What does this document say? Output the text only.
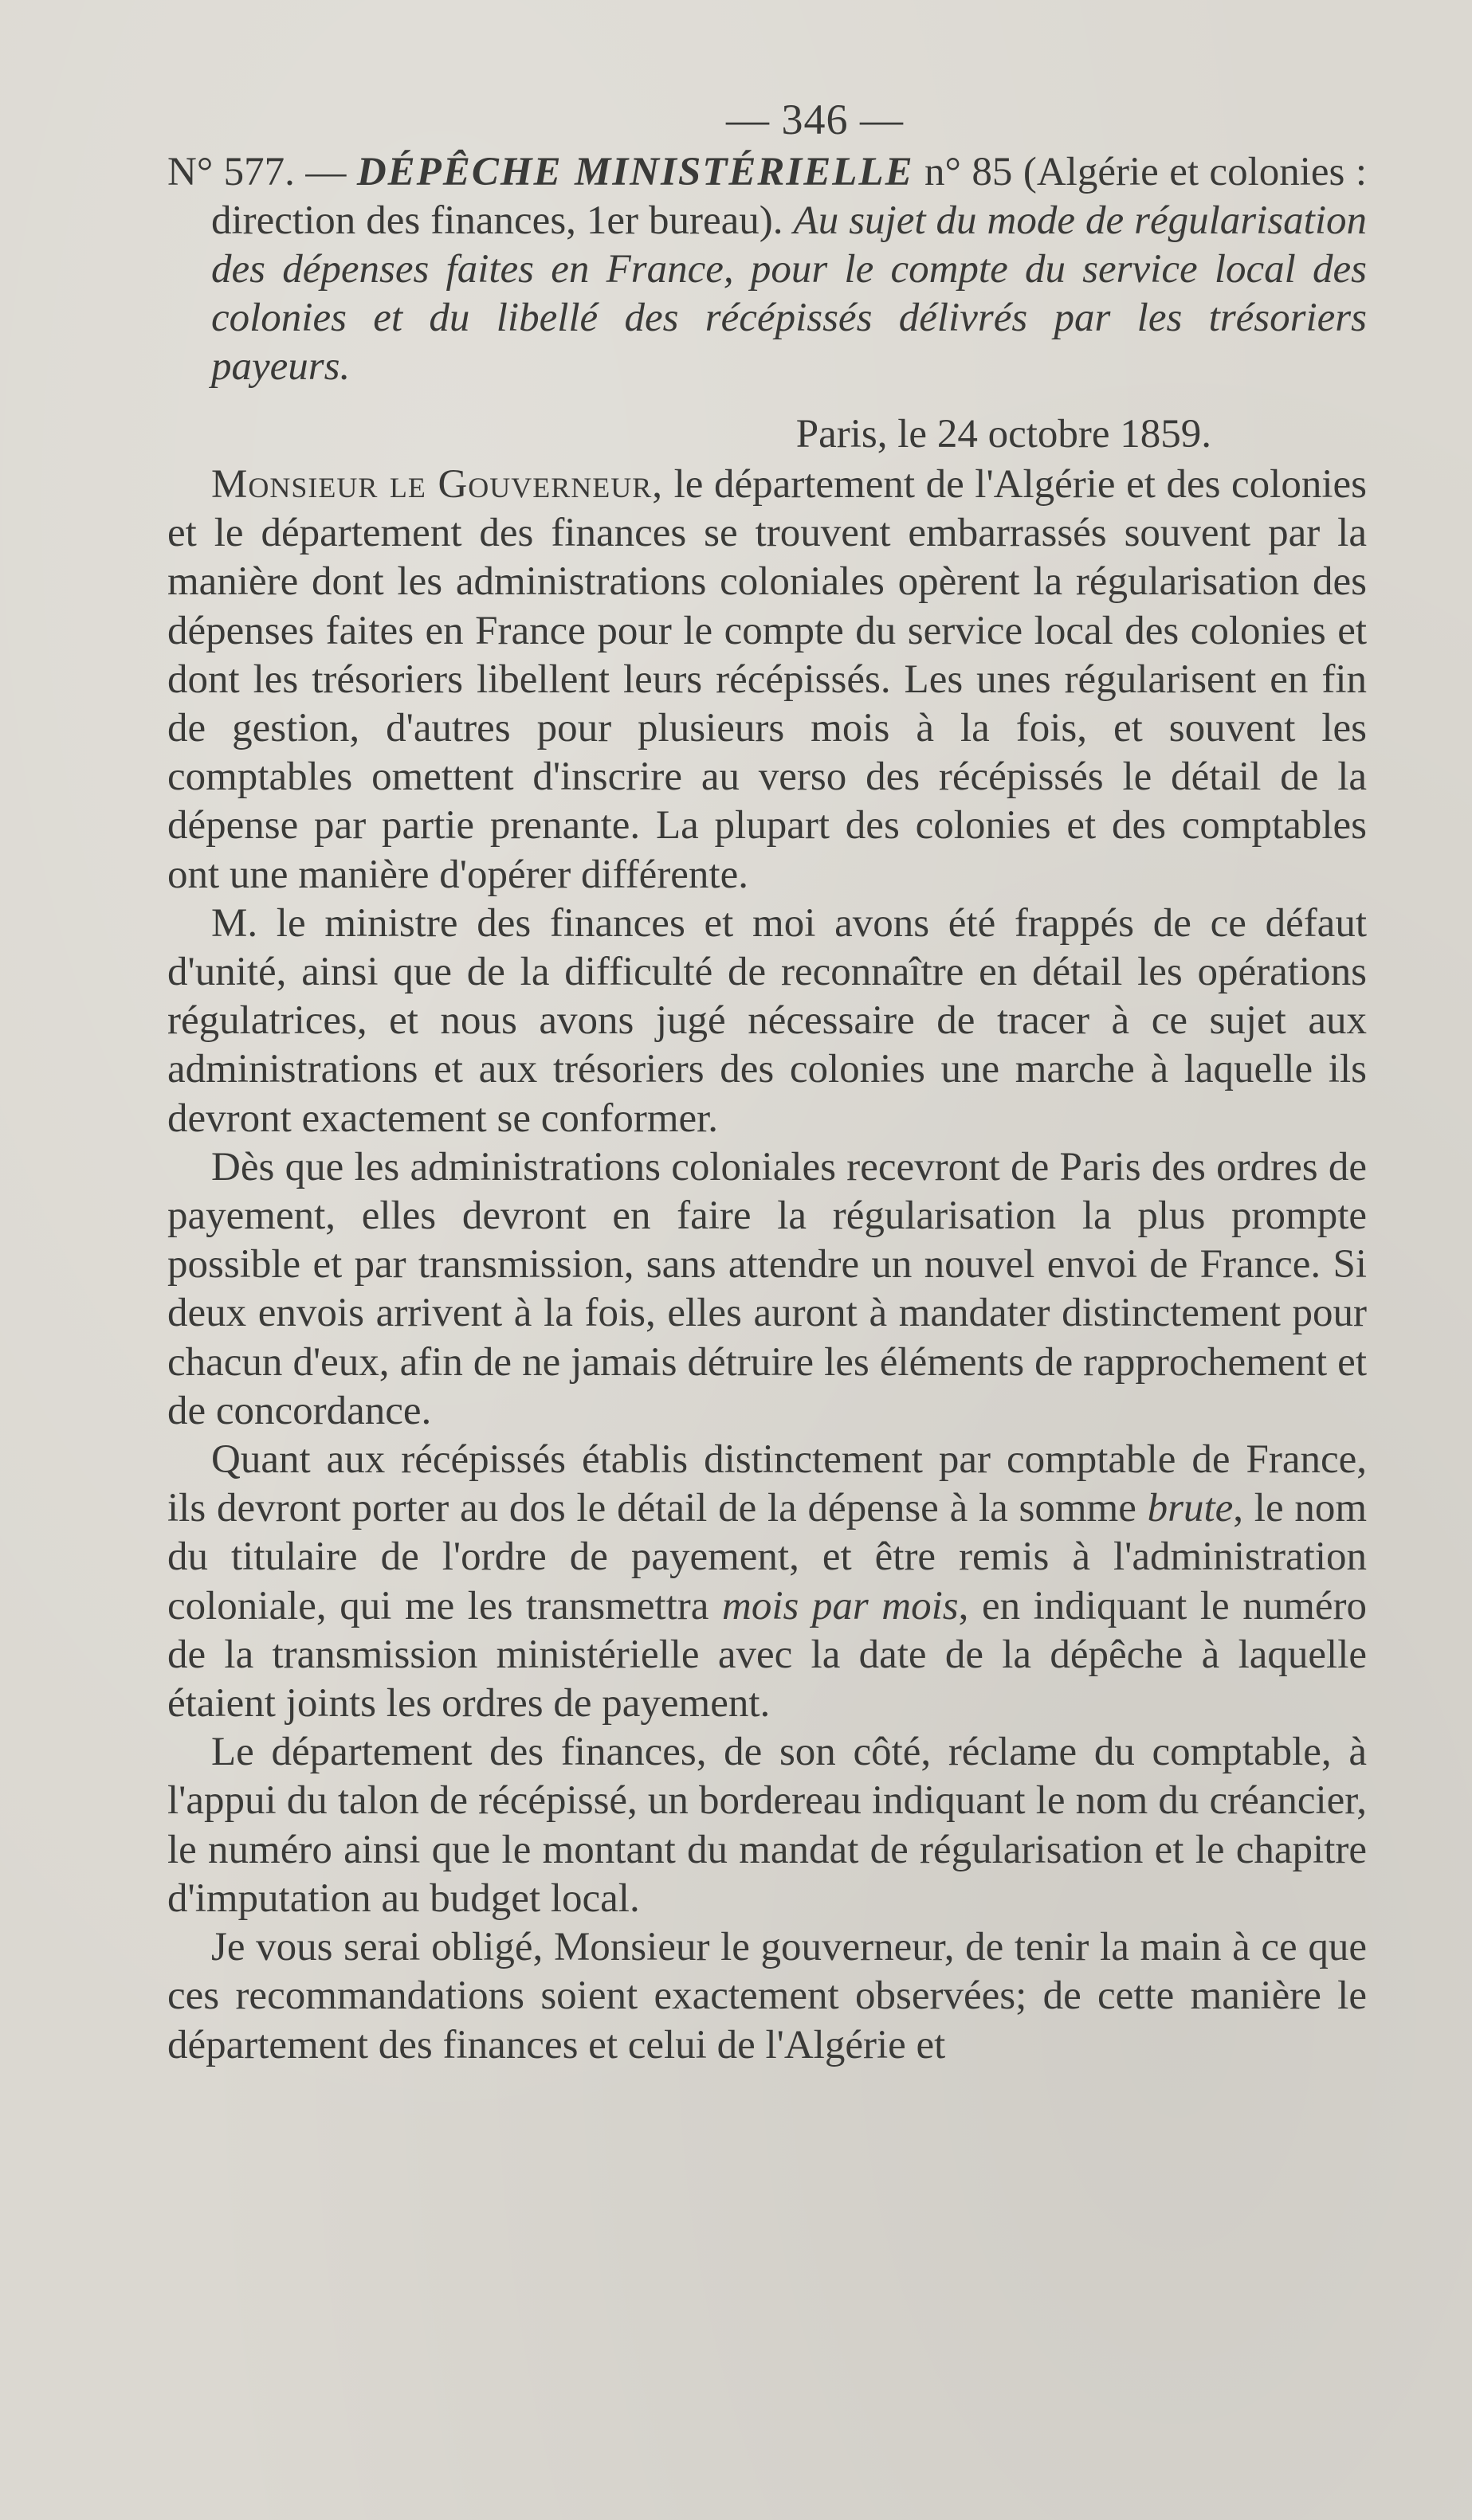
— 346 —
N° 577. — DÉPÊCHE MINISTÉRIELLE n° 85 (Algérie et colonies : direction des finances, 1er bureau). Au sujet du mode de régularisation des dépenses faites en France, pour le compte du service local des colonies et du libellé des récépissés délivrés par les trésoriers payeurs.
Paris, le 24 octobre 1859.

Monsieur le Gouverneur, le département de l'Algérie et des colonies et le département des finances se trouvent embarrassés souvent par la manière dont les administrations coloniales opèrent la régularisation des dépenses faites en France pour le compte du service local des colonies et dont les trésoriers libellent leurs récépissés. Les unes régularisent en fin de gestion, d'autres pour plusieurs mois à la fois, et souvent les comptables omettent d'inscrire au verso des récépissés le détail de la dépense par partie prenante. La plupart des colonies et des comptables ont une manière d'opérer différente.

M. le ministre des finances et moi avons été frappés de ce défaut d'unité, ainsi que de la difficulté de reconnaître en détail les opérations régulatrices, et nous avons jugé nécessaire de tracer à ce sujet aux administrations et aux trésoriers des colonies une marche à laquelle ils devront exactement se conformer.

Dès que les administrations coloniales recevront de Paris des ordres de payement, elles devront en faire la régularisation la plus prompte possible et par transmission, sans attendre un nouvel envoi de France. Si deux envois arrivent à la fois, elles auront à mandater distinctement pour chacun d'eux, afin de ne jamais détruire les éléments de rapprochement et de concordance.

Quant aux récépissés établis distinctement par comptable de France, ils devront porter au dos le détail de la dépense à la somme brute, le nom du titulaire de l'ordre de payement, et être remis à l'administration coloniale, qui me les transmettra mois par mois, en indiquant le numéro de la transmission ministérielle avec la date de la dépêche à laquelle étaient joints les ordres de payement.

Le département des finances, de son côté, réclame du comptable, à l'appui du talon de récépissé, un bordereau indiquant le nom du créancier, le numéro ainsi que le montant du mandat de régularisation et le chapitre d'imputation au budget local.

Je vous serai obligé, Monsieur le gouverneur, de tenir la main à ce que ces recommandations soient exactement observées; de cette manière le département des finances et celui de l'Algérie et
